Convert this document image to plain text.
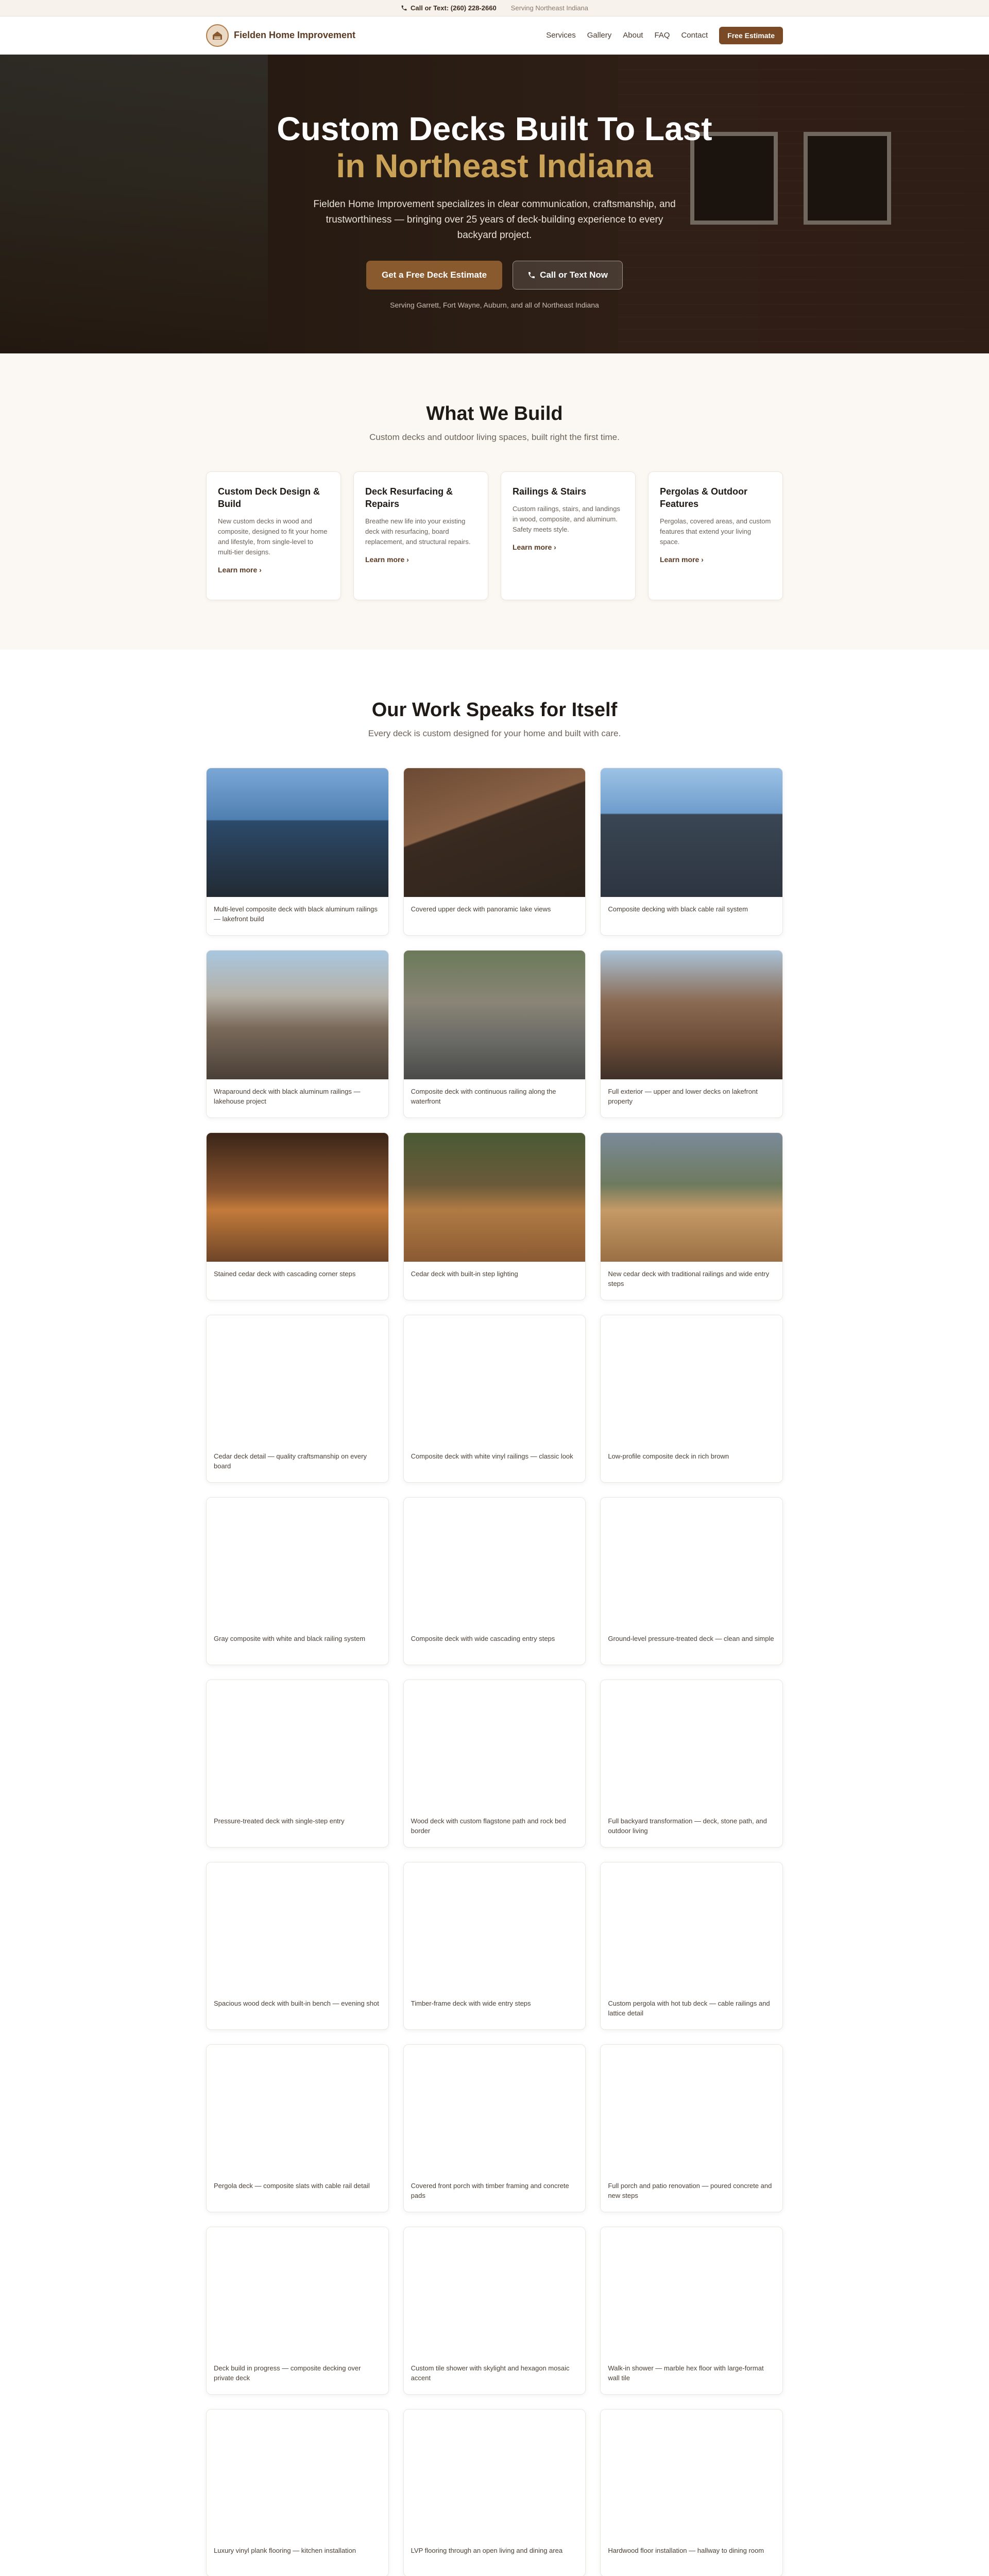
Call or Text: (260) 228-2660 Serving Northeast Indiana
Fielden Home Improvement	Services Gallery About FAQ Contact	Free Estimate
Custom Decks Built To Last
in Northeast Indiana

Fielden Home Improvement specializes in clear communication, craftsmanship, and trustworthiness — bringing over 25 years of deck-building experience to every backyard project.

Get a Free Deck Estimate	Call or Text Now
Serving Garrett, Fort Wayne, Auburn, and all of Northeast Indiana
What We Build

Custom decks and outdoor living spaces, built right the first time.

Custom Deck Design & Build

New custom decks in wood and composite, designed to fit your home and lifestyle, from single-level to multi-tier designs.

Learn more ›
Deck Resurfacing & Repairs

Breathe new life into your existing deck with resurfacing, board replacement, and structural repairs.

Learn more ›
Railings & Stairs

Custom railings, stairs, and landings in wood, composite, and aluminum. Safety meets style.

Learn more ›
Pergolas & Outdoor Features

Pergolas, covered areas, and custom features that extend your living space.

Learn more ›
Our Work Speaks for Itself

Every deck is custom designed for your home and built with care.

Multi-level composite deck with black aluminum railings — lakefront build
Covered upper deck with panoramic lake views	Composite decking with black cable rail system
Wraparound deck with black aluminum railings — lakehouse project
Composite deck with continuous railing along the waterfront
Full exterior — upper and lower decks on lakefront property
Stained cedar deck with cascading corner steps	Cedar deck with built-in step lighting	New cedar deck with traditional railings and wide entry steps
Cedar deck detail — quality craftsmanship on every board
Composite deck with white vinyl railings — classic look	Low-profile composite deck in rich brown
Gray composite with white and black railing system	Composite deck with wide cascading entry steps	Ground-level pressure-treated deck — clean and simple
Pressure-treated deck with single-step entry	Wood deck with custom flagstone path and rock bed border
Full backyard transformation — deck, stone path, and outdoor living
Spacious wood deck with built-in bench — evening shot	Timber-frame deck with wide entry steps	Custom pergola with hot tub deck — cable railings and lattice detail
Pergola deck — composite slats with cable rail detail	Covered front porch with timber framing and concrete pads
Full porch and patio renovation — poured concrete and new steps
Deck build in progress — composite decking over private deck
Custom tile shower with skylight and hexagon mosaic accent
Walk-in shower — marble hex floor with large-format wall tile
Luxury vinyl plank flooring — kitchen installation	LVP flooring through an open living and dining area	Hardwood floor installation — hallway to dining room
